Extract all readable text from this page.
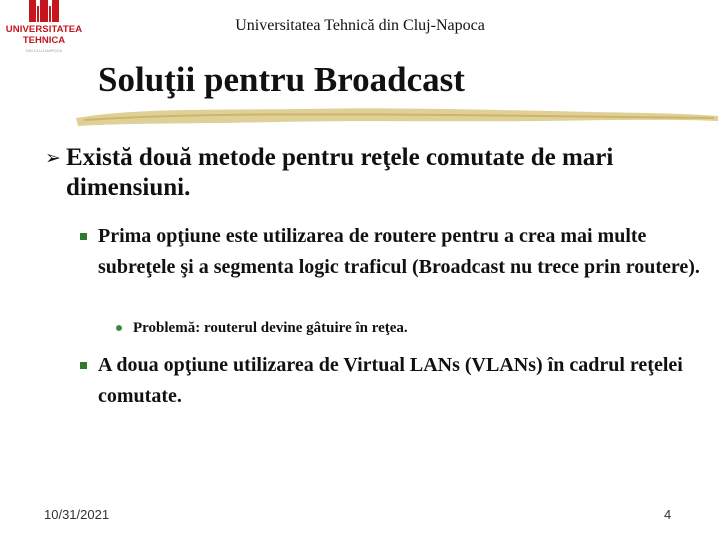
UNIVERSITATEA
TEHNICA
DIN CLUJ-NAPOCA
Universitatea Tehnică din Cluj-Napoca
Soluţii pentru Broadcast
➢ Există două metode pentru reţele comutate de mari dimensiuni.
Prima opţiune este utilizarea de routere pentru a crea mai multe subreţele şi a segmenta logic traficul (Broadcast nu trece prin routere).
Problemă: routerul devine gâtuire în reţea.
A doua opţiune utilizarea de Virtual LANs (VLANs) în cadrul reţelei comutate.
10/31/2021	4
